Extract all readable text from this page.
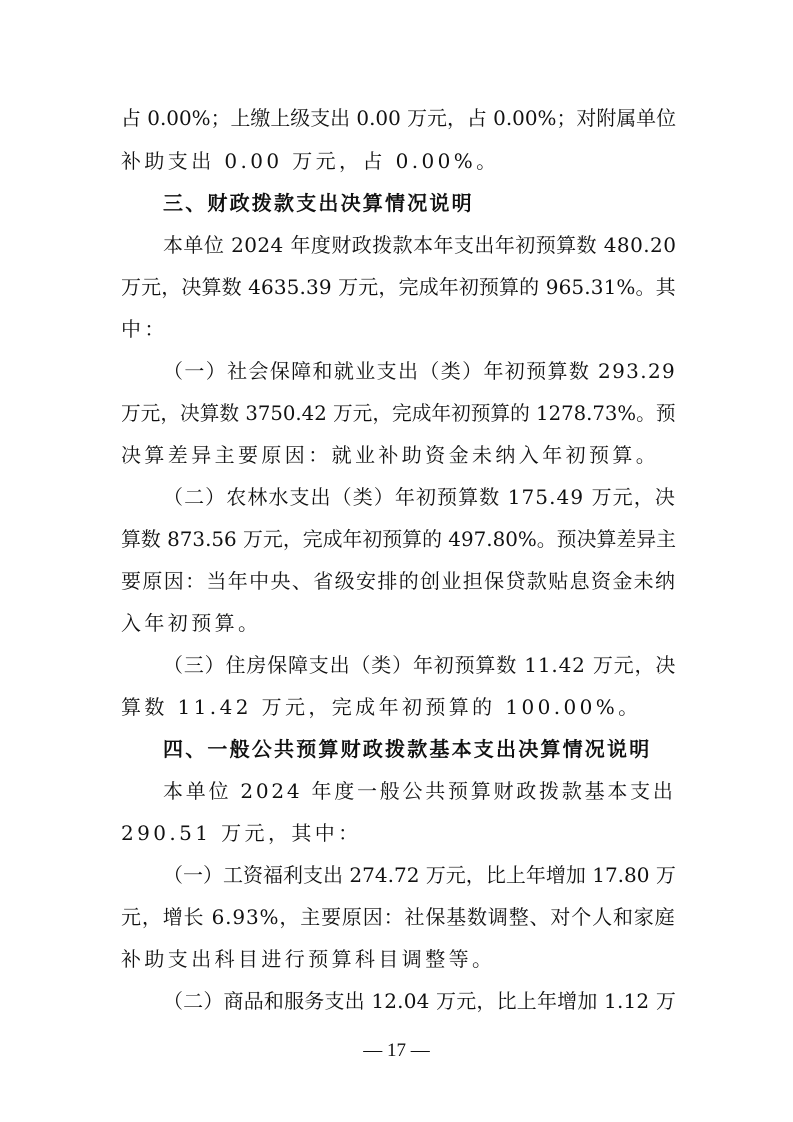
占 0.00%；上缴上级支出 0.00 万元，占 0.00%；对附属单位
补助支出 0.00 万元，占 0.00%。
三、财政拨款支出决算情况说明
本单位 2024 年度财政拨款本年支出年初预算数 480.20
万元，决算数 4635.39 万元，完成年初预算的 965.31%。其
中：
（一）社会保障和就业支出（类）年初预算数 293.29
万元，决算数 3750.42 万元，完成年初预算的 1278.73%。预
决算差异主要原因：就业补助资金未纳入年初预算。
（二）农林水支出（类）年初预算数 175.49 万元，决
算数 873.56 万元，完成年初预算的 497.80%。预决算差异主
要原因：当年中央、省级安排的创业担保贷款贴息资金未纳
入年初预算。
（三）住房保障支出（类）年初预算数 11.42 万元，决
算数 11.42 万元，完成年初预算的 100.00%。
四、一般公共预算财政拨款基本支出决算情况说明
本单位 2024 年度一般公共预算财政拨款基本支出
290.51 万元，其中：
（一）工资福利支出 274.72 万元，比上年增加 17.80 万
元，增长 6.93%，主要原因：社保基数调整、对个人和家庭
补助支出科目进行预算科目调整等。
（二）商品和服务支出 12.04 万元，比上年增加 1.12 万
— 17 —
